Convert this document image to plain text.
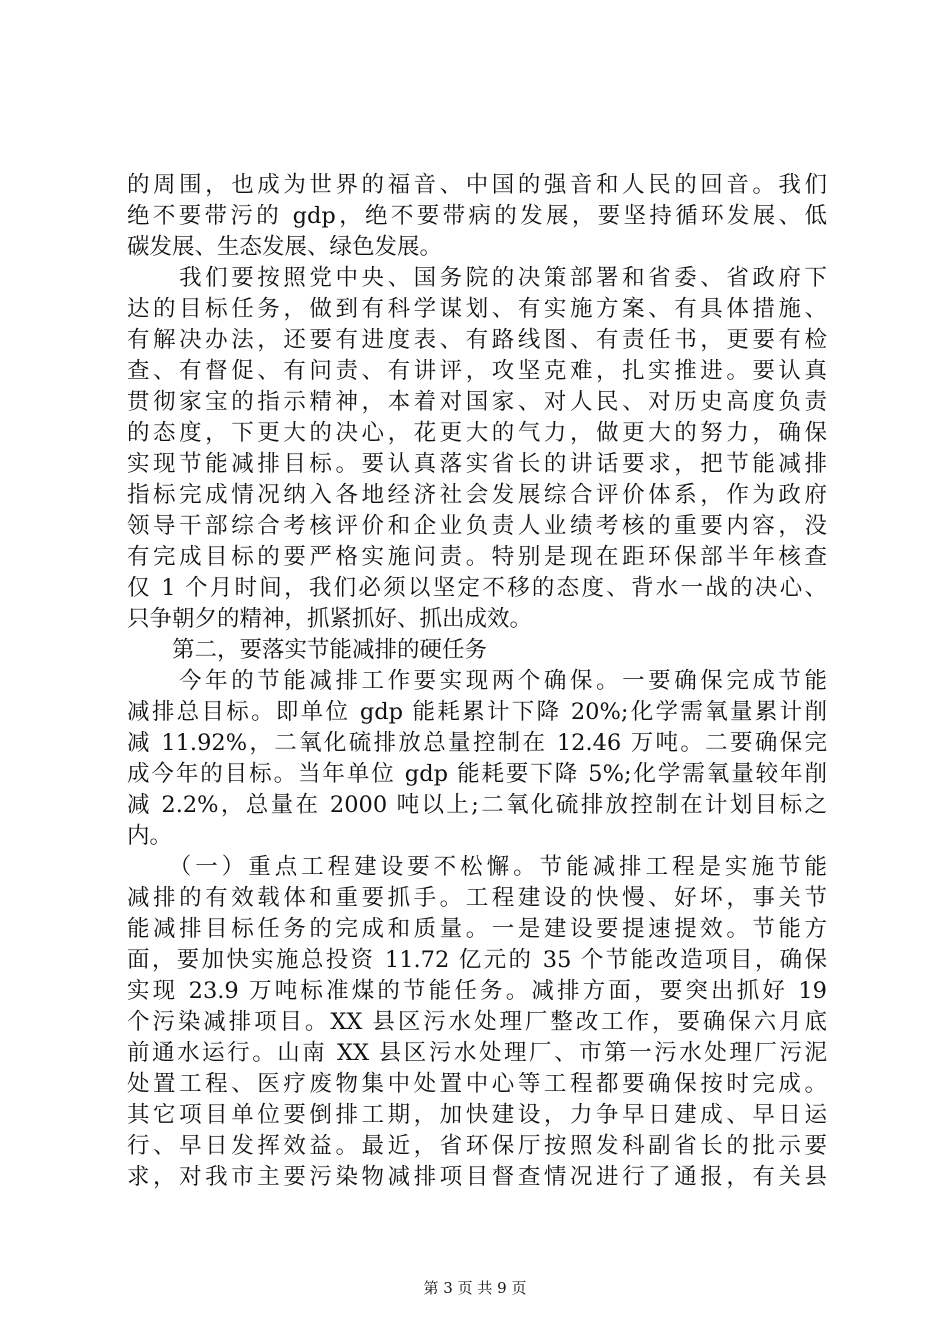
的周围，也成为世界的福音、中国的强音和人民的回音。我们
绝不要带污的 gdp，绝不要带病的发展，要坚持循环发展、低
碳发展、生态发展、绿色发展。
　　我们要按照党中央、国务院的决策部署和省委、省政府下
达的目标任务，做到有科学谋划、有实施方案、有具体措施、
有解决办法，还要有进度表、有路线图、有责任书，更要有检
查、有督促、有问责、有讲评，攻坚克难，扎实推进。要认真
贯彻家宝的指示精神，本着对国家、对人民、对历史高度负责
的态度，下更大的决心，花更大的气力，做更大的努力，确保
实现节能减排目标。要认真落实省长的讲话要求，把节能减排
指标完成情况纳入各地经济社会发展综合评价体系，作为政府
领导干部综合考核评价和企业负责人业绩考核的重要内容，没
有完成目标的要严格实施问责。特别是现在距环保部半年核查
仅 1 个月时间，我们必须以坚定不移的态度、背水一战的决心、
只争朝夕的精神，抓紧抓好、抓出成效。
　　第二，要落实节能减排的硬任务
　　今年的节能减排工作要实现两个确保。一要确保完成节能
减排总目标。即单位 gdp 能耗累计下降 20%;化学需氧量累计削
减 11.92%，二氧化硫排放总量控制在 12.46 万吨。二要确保完
成今年的目标。当年单位 gdp 能耗要下降 5%;化学需氧量较年削
减 2.2%，总量在 2000 吨以上;二氧化硫排放控制在计划目标之
内。
　　（一）重点工程建设要不松懈。节能减排工程是实施节能
减排的有效载体和重要抓手。工程建设的快慢、好坏，事关节
能减排目标任务的完成和质量。一是建设要提速提效。节能方
面，要加快实施总投资 11.72 亿元的 35 个节能改造项目，确保
实现 23.9 万吨标准煤的节能任务。减排方面，要突出抓好 19
个污染减排项目。XX 县区污水处理厂整改工作，要确保六月底
前通水运行。山南 XX 县区污水处理厂、市第一污水处理厂污泥
处置工程、医疗废物集中处置中心等工程都要确保按时完成。
其它项目单位要倒排工期，加快建设，力争早日建成、早日运
行、早日发挥效益。最近，省环保厅按照发科副省长的批示要
求，对我市主要污染物减排项目督查情况进行了通报，有关县
第 3 页 共 9 页
